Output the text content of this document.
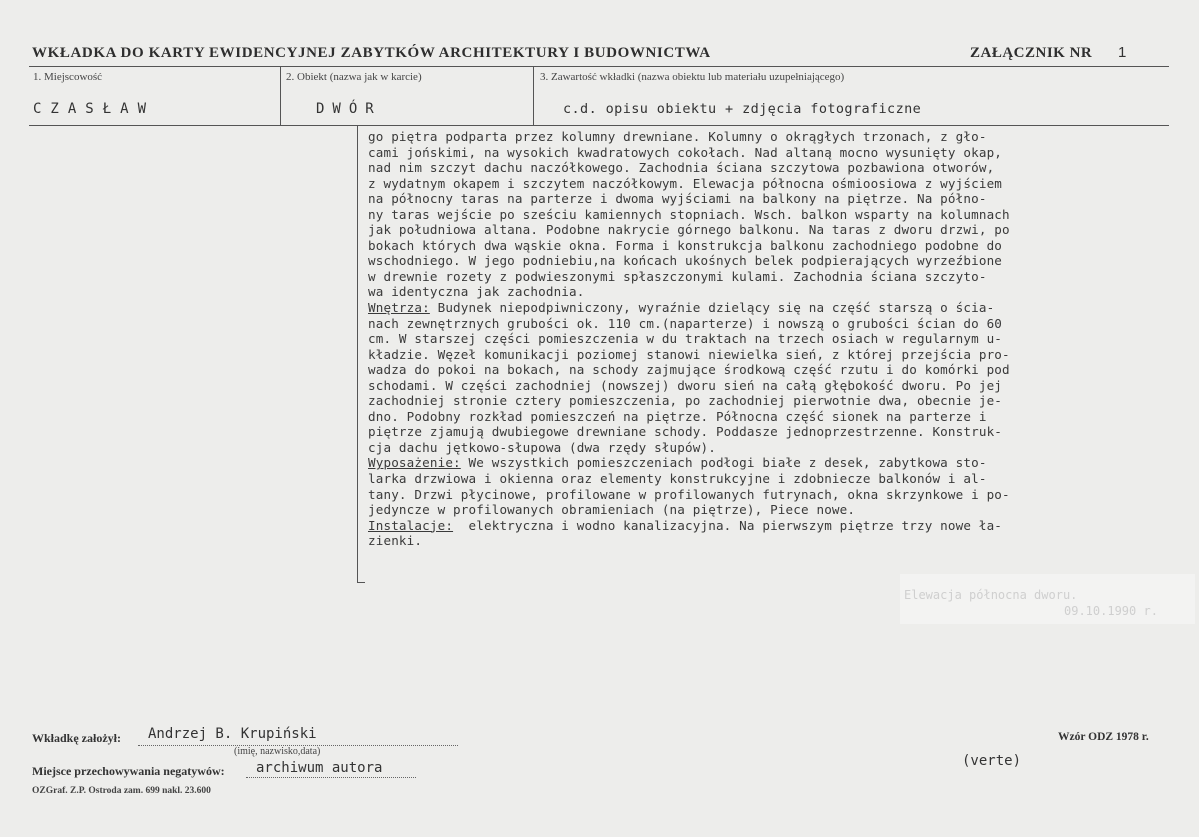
WKŁADKA DO KARTY EWIDENCYJNEJ ZABYTKÓW ARCHITEKTURY I BUDOWNICTWA	ZAŁĄCZNIK NR 1
1. Miejscowość	2. Obiekt (nazwa jak w karcie)	3. Zawartość wkładki (nazwa obiektu lub materiału uzupełniającego)
CZASŁAW	DWÓR	c.d. opisu obiektu + zdjęcia fotograficzne
go piętra podparta przez kolumny drewniane. Kolumny o okrągłych trzonach, z gło-
cami jońskimi, na wysokich kwadratowych cokołach. Nad altaną mocno wysunięty okap,
nad nim szczyt dachu naczółkowego. Zachodnia ściana szczytowa pozbawiona otworów,
z wydatnym okapem i szczytem naczółkowym. Elewacja północna ośmioosiowa z wyjściem
na północny taras na parterze i dwoma wyjściami na balkony na piętrze. Na półno-
ny taras wejście po sześciu kamiennych stopniach. Wsch. balkon wsparty na kolumnach
jak południowa altana. Podobne nakrycie górnego balkonu. Na taras z dworu drzwi, po
bokach których dwa wąskie okna. Forma i konstrukcja balkonu zachodniego podobne do
wschodniego. W jego podniebiu,na końcach ukośnych belek podpierających wyrzeźbione
w drewnie rozety z podwieszonymi spłaszczonymi kulami. Zachodnia ściana szczyto-
wa identyczna jak zachodnia.
Wnętrza: Budynek niepodpiwniczony, wyraźnie dzielący się na część starszą o ścia-
nach zewnętrznych grubości ok. 110 cm.(naparterze) i nowszą o grubości ścian do 60
cm. W starszej części pomieszczenia w du traktach na trzech osiach w regularnym u-
kładzie. Węzeł komunikacji poziomej stanowi niewielka sień, z której przejścia pro-
wadza do pokoi na bokach, na schody zajmujące środkową część rzutu i do komórki pod
schodami. W części zachodniej (nowszej) dworu sień na całą głębokość dworu. Po jej
zachodniej stronie cztery pomieszczenia, po zachodniej pierwotnie dwa, obecnie je-
dno. Podobny rozkład pomieszczeń na piętrze. Północna część sionek na parterze i
piętrze zjamują dwubiegowe drewniane schody. Poddasze jednoprzestrzenne. Konstruk-
cja dachu jętkowo-słupowa (dwa rzędy słupów).
Wyposażenie: We wszystkich pomieszczeniach podłogi białe z desek, zabytkowa sto-
larka drzwiowa i okienna oraz elementy konstrukcyjne i zdobniecze balkonów i al-
tany. Drzwi płycinowe, profilowane w profilowanych futrynach, okna skrzynkowe i po-
jedyncze w profilowanych obramieniach (na piętrze), Piece nowe.
Instalacje:  elektryczna i wodno kanalizacyjna. Na pierwszym piętrze trzy nowe ła-
zienki.
Elewacja północna dworu.
09.10.1990 r.
Wkładkę założył: Andrzej B. Krupiński
(imię, nazwisko,data)
Miejsce przechowywania negatywów: archiwum autora
OZGraf. Z.P. Ostroda zam. 699 nakl. 23.600
Wzór ODZ 1978 r.
(verte)
